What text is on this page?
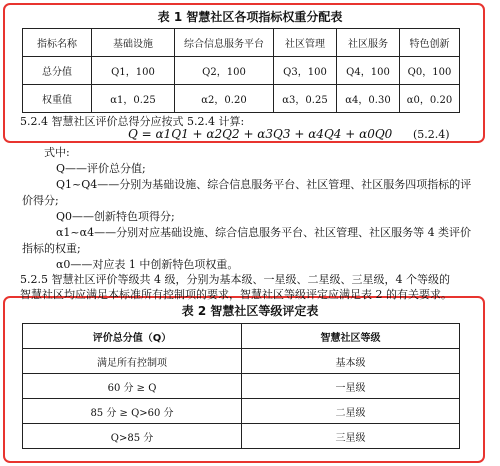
表 1 智慧社区各项指标权重分配表
指标名称	基础设施	综合信息服务平台	社区管理	社区服务	特色创新
总分值	Q1，100	Q2，100	Q3，100	Q4，100	Q0，100
权重值	α1，0.25	α2，0.20	α3，0.25	α4，0.30	α0，0.20
5.2.4 智慧社区评价总得分应按式 5.2.4 计算:
Q = α1Q1 + α2Q2 + α3Q3 + α4Q4 + α0Q0 (5.2.4)
式中:
Q——评价总分值;
Q1~Q4——分别为基础设施、综合信息服务平台、社区管理、社区服务四项指标的评
价得分;
Q0——创新特色项得分;
α1~α4——分别对应基础设施、综合信息服务平台、社区管理、社区服务等 4 类评价
指标的权重;
α0——对应表 1 中创新特色项权重。
5.2.5 智慧社区评价等级共 4 级，分别为基本级、一星级、二星级、三星级，4 个等级的
智慧社区均应满足本标准所有控制项的要求，智慧社区等级评定应满足表 2 的有关要求。
表 2 智慧社区等级评定表
评价总分值（Q）	智慧社区等级
满足所有控制项	基本级
60 分 ≥ Q	一星级
85 分 ≥ Q>60 分	二星级
Q>85 分	三星级
